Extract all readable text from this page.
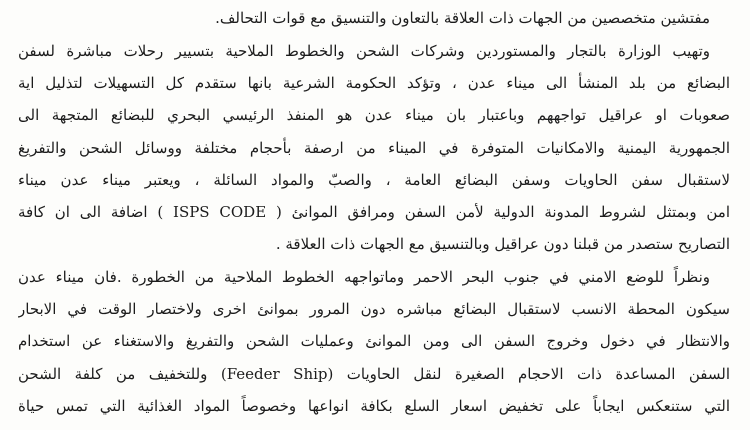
مفتشين متخصصين من الجهات ذات العلاقة بالتعاون والتنسيق مع قوات التحالف.
وتهيب الوزارة بالتجار والمستوردين وشركات الشحن والخطوط الملاحية بتسيير رحلات مباشرة لسفن
البضائع من بلد المنشأ الى ميناء عدن ، وتؤكد الحكومة الشرعية بانها ستقدم كل التسهيلات لتذليل اية
صعوبات او عراقيل تواجههم وباعتبار بان ميناء عدن هو المنفذ الرئيسي البحري للبضائع المتجهة الى
الجمهورية اليمنية والامكانيات المتوفرة في الميناء من ارصفة بأحجام مختلفة ووسائل الشحن والتفريغ
لاستقبال سفن الحاويات وسفن البضائع العامة ، والصبّ والمواد السائلة ، ويعتبر ميناء عدن ميناء
امن وبمتثل لشروط المدونة الدولية لأمن السفن ومرافق الموانئ ( ISPS CODE ) اضافة الى ان كافة
التصاريح ستصدر من قبلنا دون عراقيل وبالتنسيق مع الجهات ذات العلاقة .
ونظراً للوضع الامني في جنوب البحر الاحمر وماتواجهه الخطوط الملاحية من الخطورة .فان ميناء عدن
سيكون المحطة الانسب لاستقبال البضائع مباشره دون المرور بموانئ اخرى ولاختصار الوقت في الابحار
والانتظار في دخول وخروج السفن الى ومن الموانئ وعمليات الشحن والتفريغ والاستغناء عن استخدام
السفن المساعدة ذات الاحجام الصغيرة لنقل الحاويات (Feeder Ship) وللتخفيف من كلفة الشحن
التي ستنعكس ايجاباً على تخفيض اسعار السلع بكافة انواعها وخصوصاً المواد الغذائية التي تمس حياة
